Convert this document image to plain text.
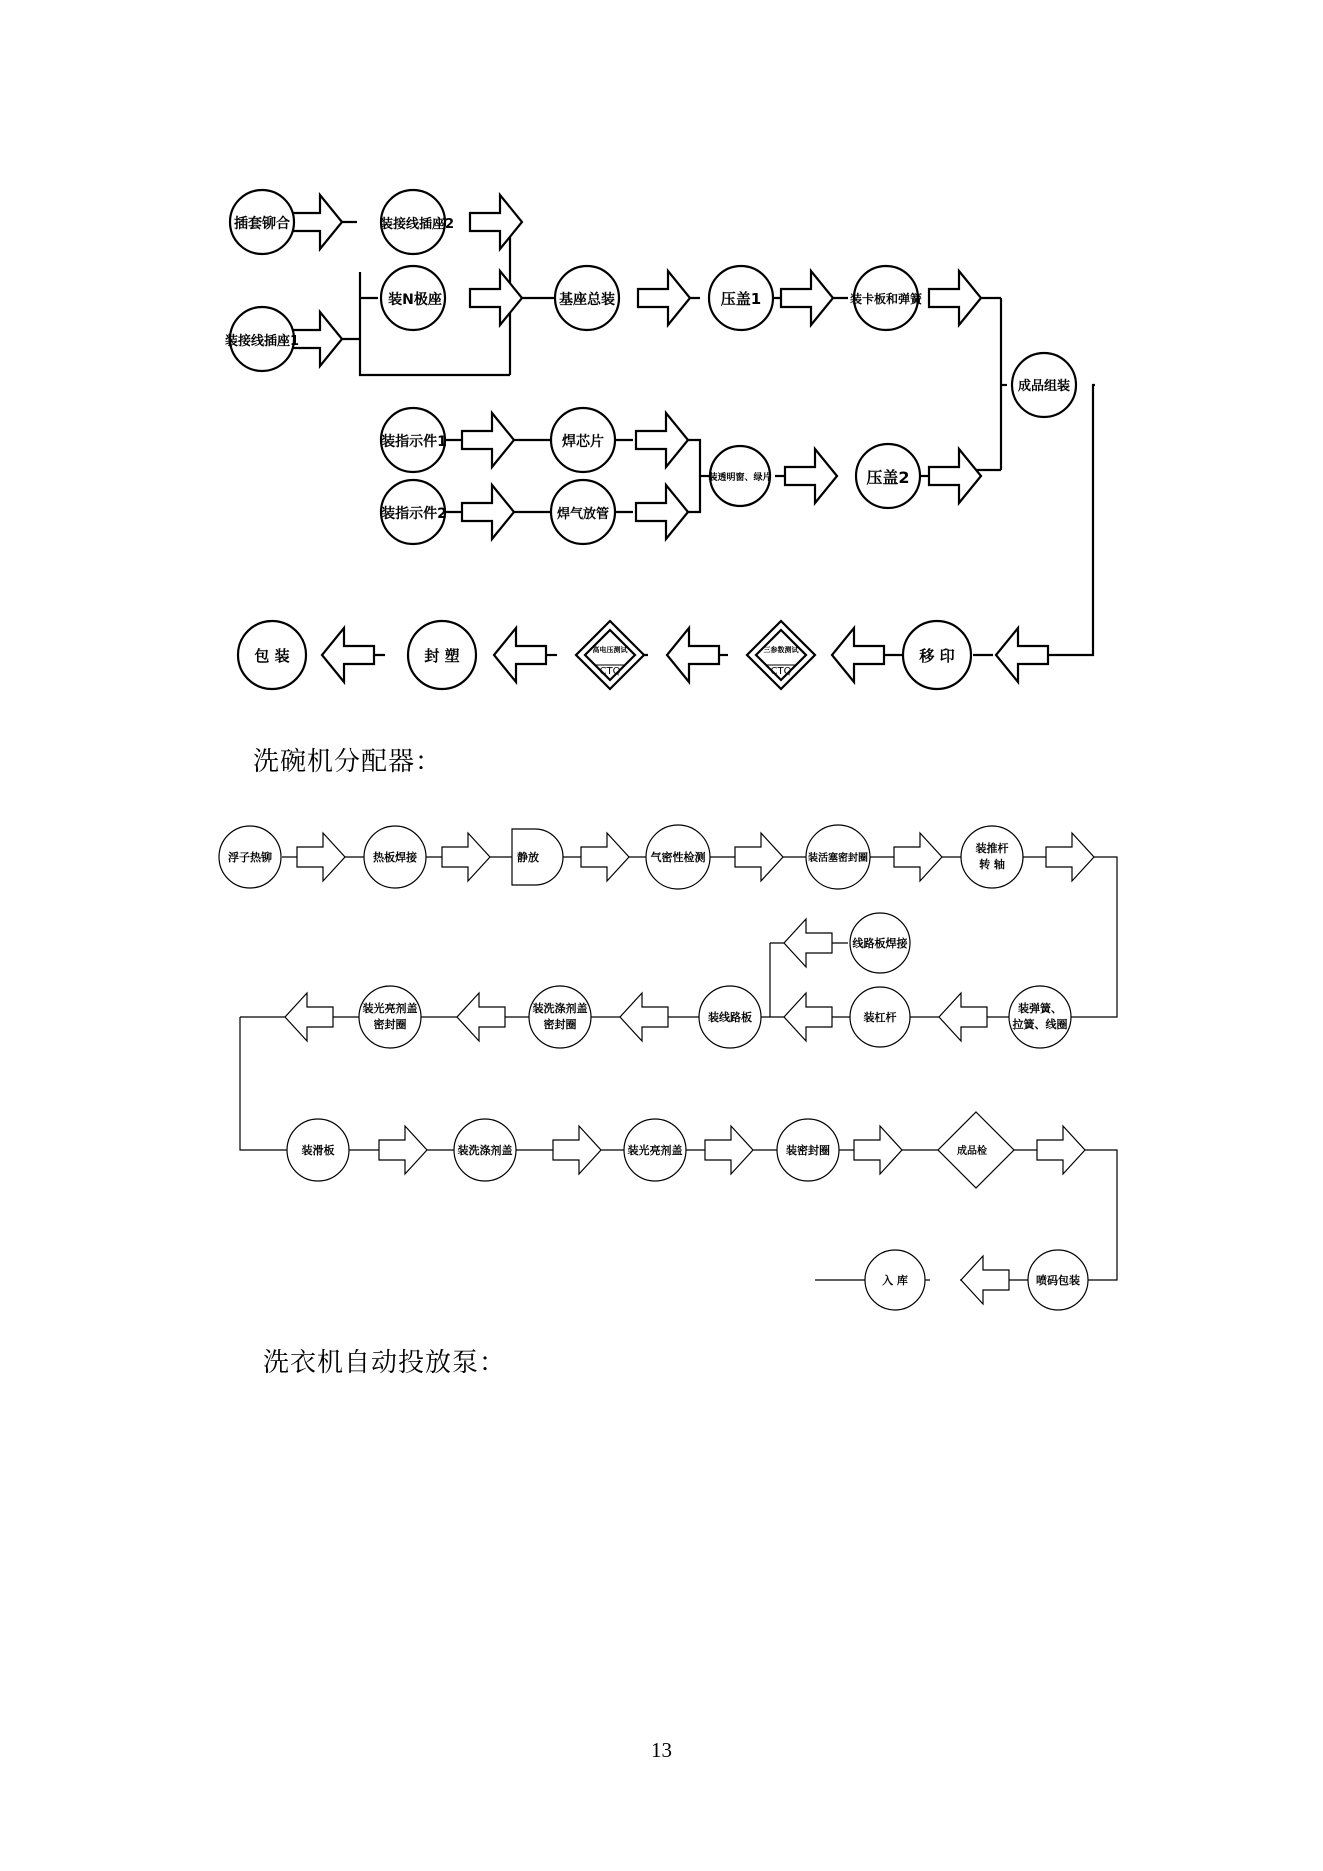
插套铆合	装接线插座2
装接线插座1
装N极座	基座总装	压盖1	装卡板和弹簧
成品组装
装指示件1	焊芯片
装指示件2	焊气放管
装透明窗、绿片	压盖2
包 装	封 塑	高电压测试
CTQ
三参数测试
CTQ
移 印
浮子热铆	热板焊接	静放	气密性检测	装活塞密封圈
装推杆
转 轴
线路板焊接
装弹簧、
拉簧、线圈
装杠杆
装线路板
装洗涤剂盖
密封圈
装光亮剂盖
密封圈
装滑板	装洗涤剂盖	装光亮剂盖	装密封圈	成品检
喷码包装
入 库
洗碗机分配器：
洗衣机自动投放泵：
13
